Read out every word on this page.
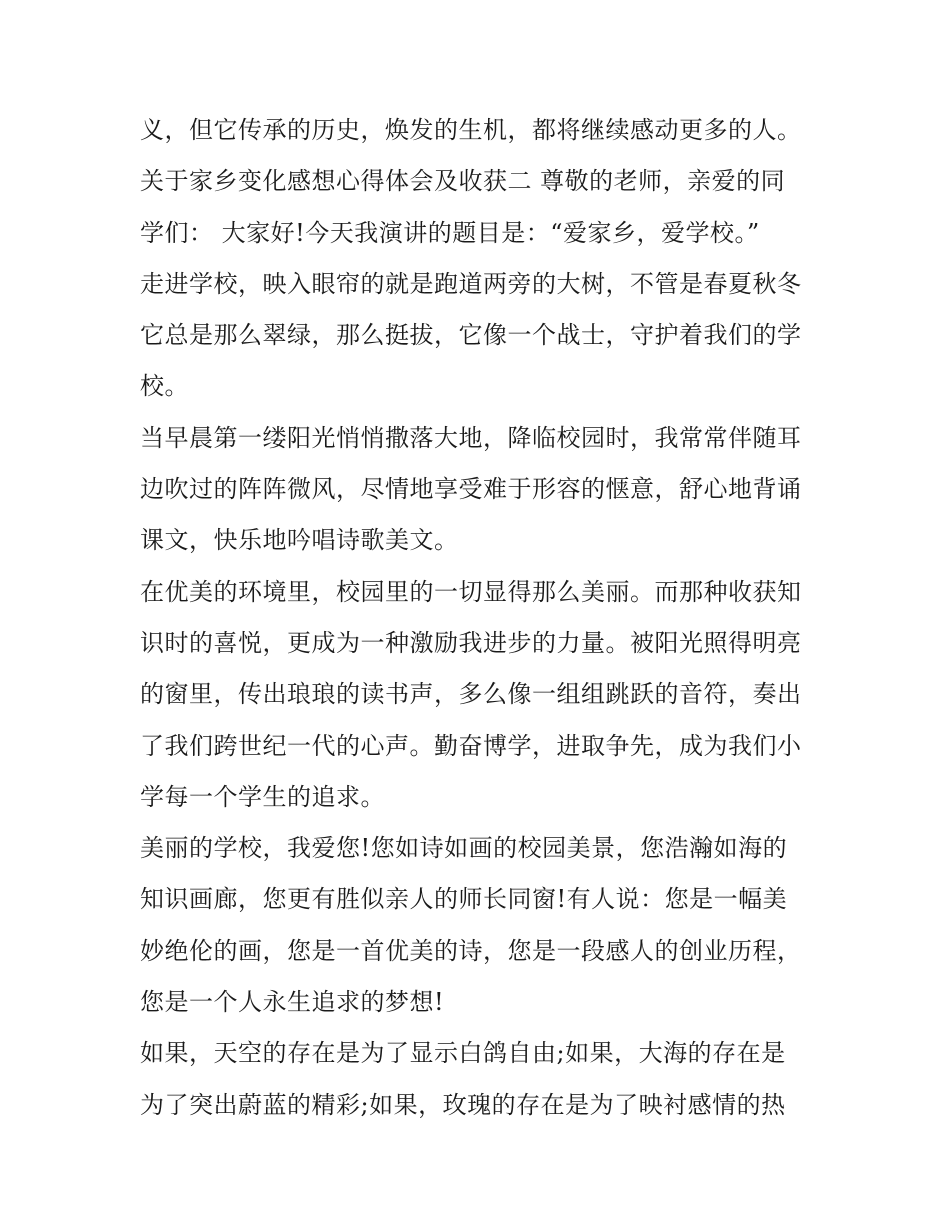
义，但它传承的历史，焕发的生机，都将继续感动更多的人。
关于家乡变化感想心得体会及收获二 尊敬的老师，亲爱的同
学们： 大家好!今天我演讲的题目是：“爱家乡，爱学校。”
走进学校，映入眼帘的就是跑道两旁的大树，不管是春夏秋冬
它总是那么翠绿，那么挺拔，它像一个战士，守护着我们的学
校。
当早晨第一缕阳光悄悄撒落大地，降临校园时，我常常伴随耳
边吹过的阵阵微风，尽情地享受难于形容的惬意，舒心地背诵
课文，快乐地吟唱诗歌美文。
在优美的环境里，校园里的一切显得那么美丽。而那种收获知
识时的喜悦，更成为一种激励我进步的力量。被阳光照得明亮
的窗里，传出琅琅的读书声，多么像一组组跳跃的音符，奏出
了我们跨世纪一代的心声。勤奋博学，进取争先，成为我们小
学每一个学生的追求。
美丽的学校，我爱您!您如诗如画的校园美景，您浩瀚如海的
知识画廊，您更有胜似亲人的师长同窗!有人说：您是一幅美
妙绝伦的画，您是一首优美的诗，您是一段感人的创业历程，
您是一个人永生追求的梦想!
如果，天空的存在是为了显示白鸽自由;如果，大海的存在是
为了突出蔚蓝的精彩;如果，玫瑰的存在是为了映衬感情的热
